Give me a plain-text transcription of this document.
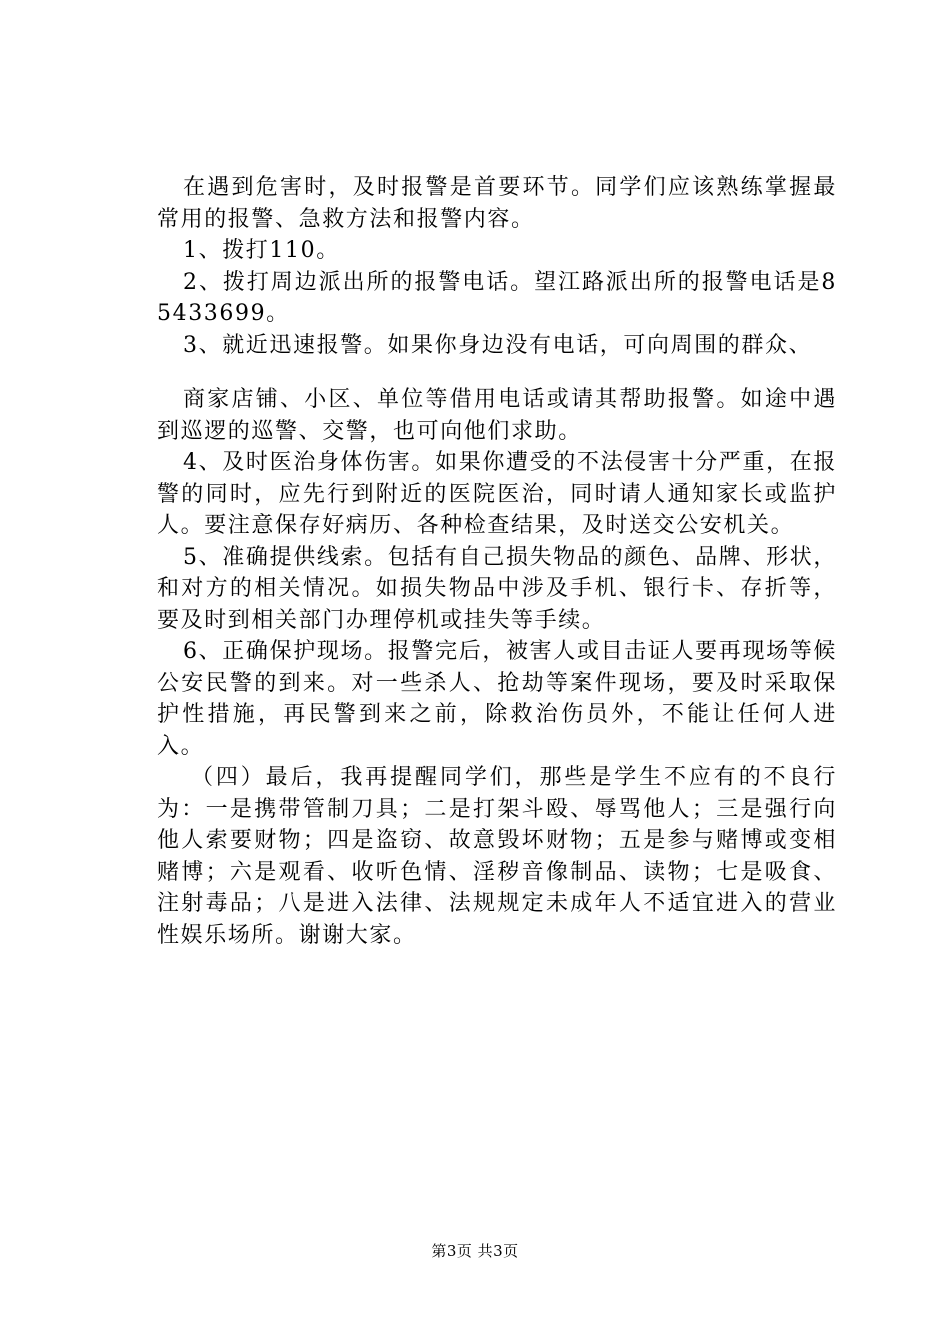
在遇到危害时，及时报警是首要环节。同学们应该熟练掌握最常用的报警、急救方法和报警内容。

1、拨打110。

2、拨打周边派出所的报警电话。望江路派出所的报警电话是85433699。

3、就近迅速报警。如果你身边没有电话，可向周围的群众、

商家店铺、小区、单位等借用电话或请其帮助报警。如途中遇到巡逻的巡警、交警，也可向他们求助。

4、及时医治身体伤害。如果你遭受的不法侵害十分严重，在报警的同时，应先行到附近的医院医治，同时请人通知家长或监护人。要注意保存好病历、各种检查结果，及时送交公安机关。

5、准确提供线索。包括有自己损失物品的颜色、品牌、形状，和对方的相关情况。如损失物品中涉及手机、银行卡、存折等，要及时到相关部门办理停机或挂失等手续。

6、正确保护现场。报警完后，被害人或目击证人要再现场等候公安民警的到来。对一些杀人、抢劫等案件现场，要及时采取保护性措施，再民警到来之前，除救治伤员外，不能让任何人进入。

（四）最后，我再提醒同学们，那些是学生不应有的不良行为：一是携带管制刀具；二是打架斗殴、辱骂他人；三是强行向他人索要财物；四是盗窃、故意毁坏财物；五是参与赌博或变相赌博；六是观看、收听色情、淫秽音像制品、读物；七是吸食、注射毒品；八是进入法律、法规规定未成年人不适宜进入的营业性娱乐场所。谢谢大家。

第3页 共3页
